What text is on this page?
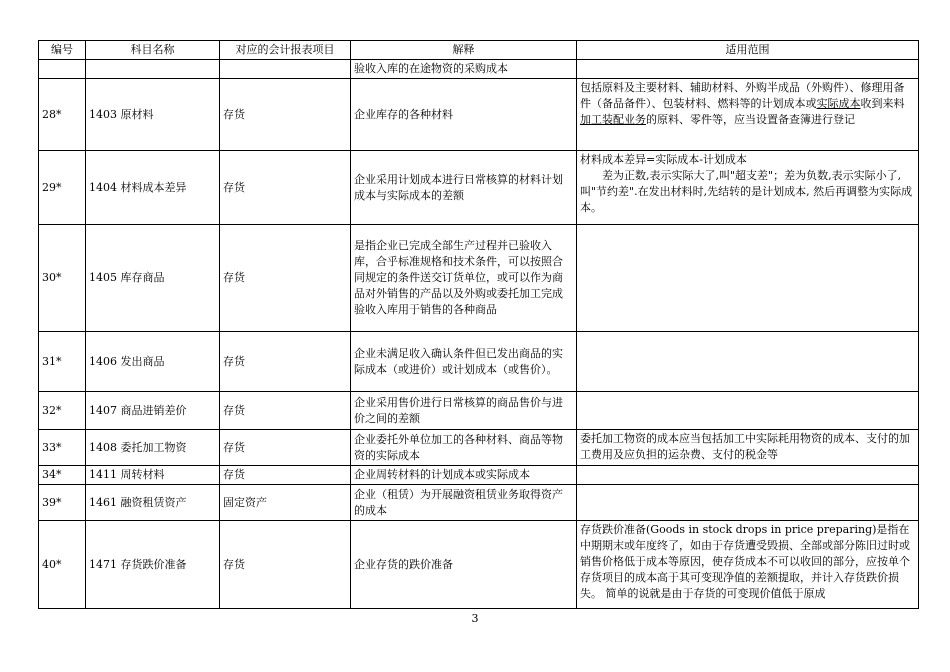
编号	科目名称	对应的会计报表项目	解释	适用范围
			验收入库的在途物资的采购成本	
28*	1403 原材料	存货	企业库存的各种材料	包括原料及主要材料、辅助材料、外购半成品（外购件）、修理用备件（备品备件）、包装材料、燃料等的计划成本或实际成本收到来料加工装配业务的原料、零件等，应当设置备查簿进行登记
29*	1404 材料成本差异	存货	企业采用计划成本进行日常核算的材料计划成本与实际成本的差额	材料成本差异=实际成本-计划成本
差为正数,表示实际大了,叫"超支差"；差为负数,表示实际小了,叫"节约差".在发出材料时,先结转的是计划成本, 然后再调整为实际成本。

30*	1405 库存商品	存货	是指企业已完成全部生产过程并已验收入库，合乎标准规格和技术条件，可以按照合同规定的条件送交订货单位，或可以作为商品对外销售的产品以及外购或委托加工完成验收入库用于销售的各种商品	
31*	1406 发出商品	存货	企业未满足收入确认条件但已发出商品的实际成本（或进价）或计划成本（或售价）。	
32*	1407 商品进销差价	存货	企业采用售价进行日常核算的商品售价与进价之间的差额	
33*	1408 委托加工物资	存货	企业委托外单位加工的各种材料、商品等物资的实际成本	委托加工物资的成本应当包括加工中实际耗用物资的成本、支付的加工费用及应负担的运杂费、支付的税金等
34*	1411 周转材料	存货	企业周转材料的计划成本或实际成本	
39*	1461 融资租赁资产	固定资产	企业（租赁）为开展融资租赁业务取得资产的成本	
40*	1471 存货跌价准备	存货	企业存货的跌价准备	存货跌价准备(Goods in stock drops in price preparing)是指在中期期末或年度终了，如由于存货遭受毁损、全部或部分陈旧过时或销售价格低于成本等原因，使存货成本不可以收回的部分，应按单个存货项目的成本高于其可变现净值的差额提取，并计入存货跌价损失。 简单的说就是由于存货的可变现价值低于原成
3
